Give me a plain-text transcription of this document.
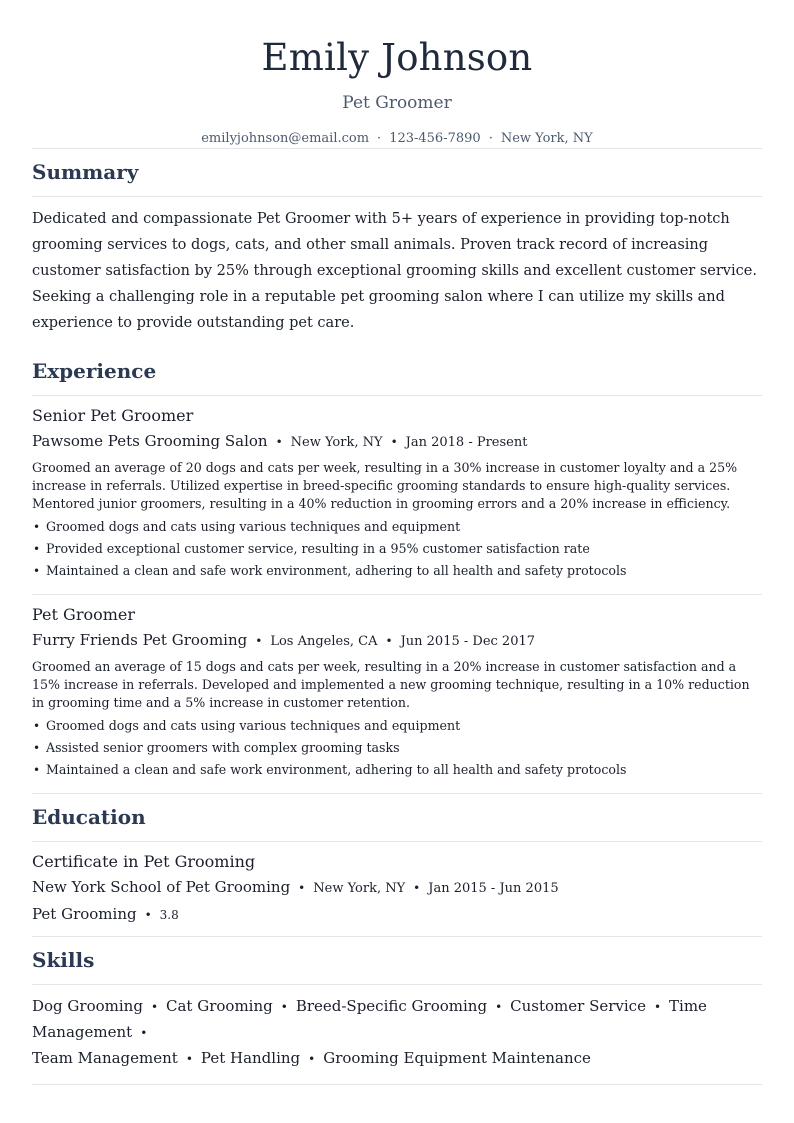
Emily Johnson
Pet Groomer
emilyjohnson@email.com · 123-456-7890 · New York, NY
Summary

Dedicated and compassionate Pet Groomer with 5+ years of experience in providing top-notch grooming services to dogs, cats, and other small animals. Proven track record of increasing customer satisfaction by 25% through exceptional grooming skills and excellent customer service. Seeking a challenging role in a reputable pet grooming salon where I can utilize my skills and experience to provide outstanding pet care.

Experience
Senior Pet Groomer
Pawsome Pets Grooming Salon • New York, NY • Jan 2018 - Present
Groomed an average of 20 dogs and cats per week, resulting in a 30% increase in customer loyalty and a 25% increase in referrals. Utilized expertise in breed-specific grooming standards to ensure high-quality services. Mentored junior groomers, resulting in a 40% reduction in grooming errors and a 20% increase in efficiency.
• Groomed dogs and cats using various techniques and equipment
• Provided exceptional customer service, resulting in a 95% customer satisfaction rate
• Maintained a clean and safe work environment, adhering to all health and safety protocols
Pet Groomer
Furry Friends Pet Grooming • Los Angeles, CA • Jun 2015 - Dec 2017
Groomed an average of 15 dogs and cats per week, resulting in a 20% increase in customer satisfaction and a 15% increase in referrals. Developed and implemented a new grooming technique, resulting in a 10% reduction in grooming time and a 5% increase in customer retention.
• Groomed dogs and cats using various techniques and equipment
• Assisted senior groomers with complex grooming tasks
• Maintained a clean and safe work environment, adhering to all health and safety protocols
Education
Certificate in Pet Grooming
New York School of Pet Grooming • New York, NY • Jan 2015 - Jun 2015
Pet Grooming • 3.8
Skills
Dog Grooming • Cat Grooming • Breed-Specific Grooming • Customer Service • Time Management •
Team Management • Pet Handling • Grooming Equipment Maintenance
